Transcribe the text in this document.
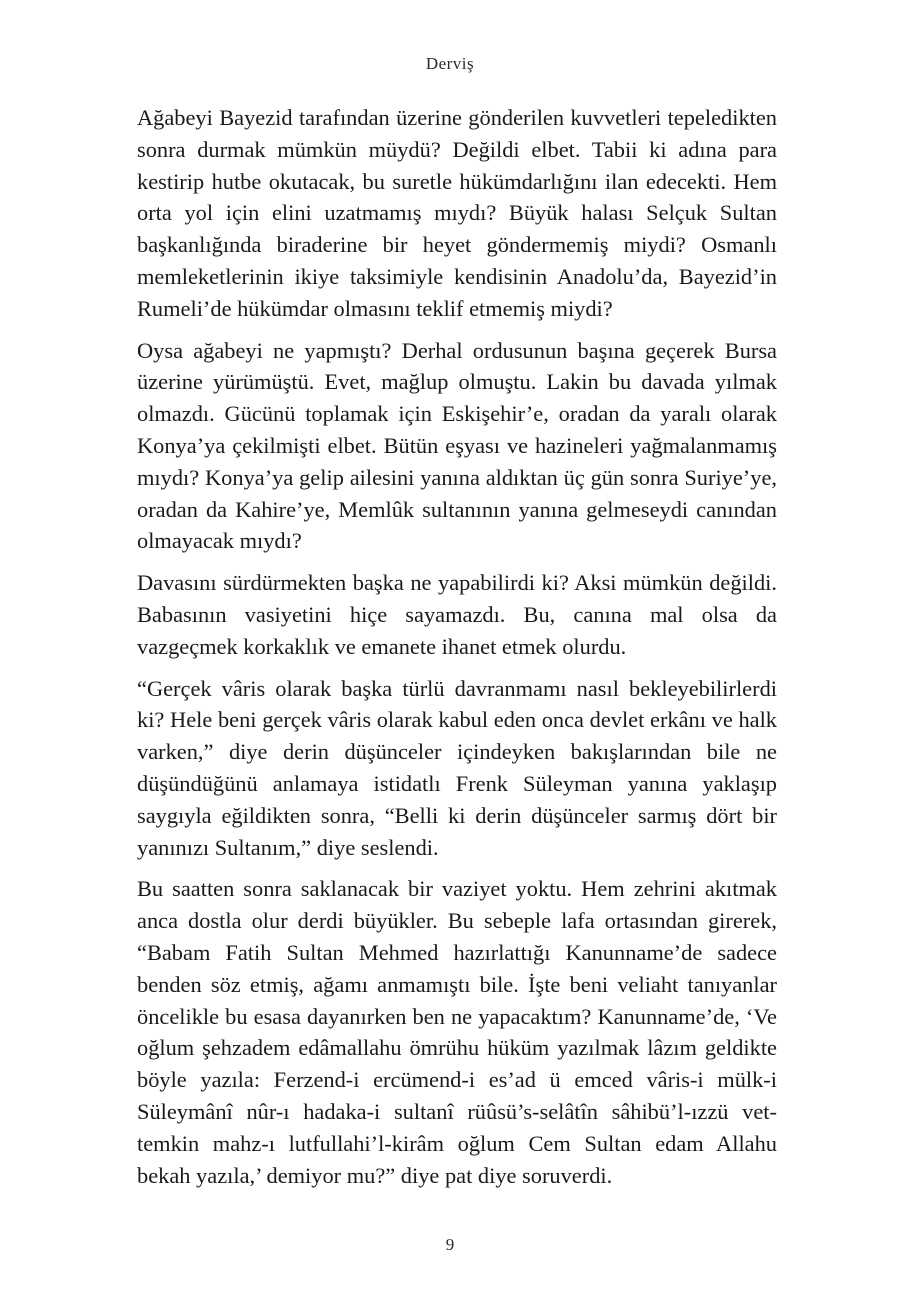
Derviş

Ağabeyi Bayezid tarafından üzerine gönderilen kuvvetleri tepeledikten sonra durmak mümkün müydü? Değildi elbet. Tabii ki adına para kestirip hutbe okutacak, bu suretle hükümdarlığını ilan edecekti. Hem orta yol için elini uzatmamış mıydı? Büyük halası Selçuk Sultan başkanlığında biraderine bir heyet göndermemiş miydi? Osmanlı memleketlerinin ikiye taksimiyle kendisinin Anadolu’da, Bayezid’in Rumeli’de hükümdar olmasını teklif etmemiş miydi?

Oysa ağabeyi ne yapmıştı? Derhal ordusunun başına geçerek Bursa üzerine yürümüştü. Evet, mağlup olmuştu. Lakin bu davada yılmak olmazdı. Gücünü toplamak için Eskişehir’e, oradan da yaralı olarak Konya’ya çekilmişti elbet. Bütün eşyası ve hazineleri yağmalanmamış mıydı? Konya’ya gelip ailesini yanına aldıktan üç gün sonra Suriye’ye, oradan da Kahire’ye, Memlûk sultanının yanına gelmeseydi canından olmayacak mıydı?

Davasını sürdürmekten başka ne yapabilirdi ki? Aksi mümkün değildi. Babasının vasiyetini hiçe sayamazdı. Bu, canına mal olsa da vazgeçmek korkaklık ve emanete ihanet etmek olurdu.

“Gerçek vâris olarak başka türlü davranmamı nasıl bekleyebilirlerdi ki? Hele beni gerçek vâris olarak kabul eden onca devlet erkânı ve halk varken,” diye derin düşünceler içindeyken bakışlarından bile ne düşündüğünü anlamaya istidatlı Frenk Süleyman yanına yaklaşıp saygıyla eğildikten sonra, “Belli ki derin düşünceler sarmış dört bir yanınızı Sultanım,” diye seslendi.

Bu saatten sonra saklanacak bir vaziyet yoktu. Hem zehrini akıtmak anca dostla olur derdi büyükler. Bu sebeple lafa ortasından girerek, “Babam Fatih Sultan Mehmed hazırlattığı Kanunname’de sadece benden söz etmiş, ağamı anmamıştı bile. İşte beni veliaht tanıyanlar öncelikle bu esasa dayanırken ben ne yapacaktım? Kanunname’de, ‘Ve oğlum şehzadem edâmallahu ömrühu hüküm yazılmak lâzım geldikte böyle yazıla: Ferzend-i ercümend-i es’ad ü emced vâris-i mülk-i Süleymânî nûr-ı hadaka-i sultanî rüûsü’s-selâtîn sâhibü’l-ızzü vet-temkin mahz-ı lutfullahi’l-kirâm oğlum Cem Sultan edam Allahu bekah yazıla,’ demiyor mu?” diye pat diye soruverdi.

9
